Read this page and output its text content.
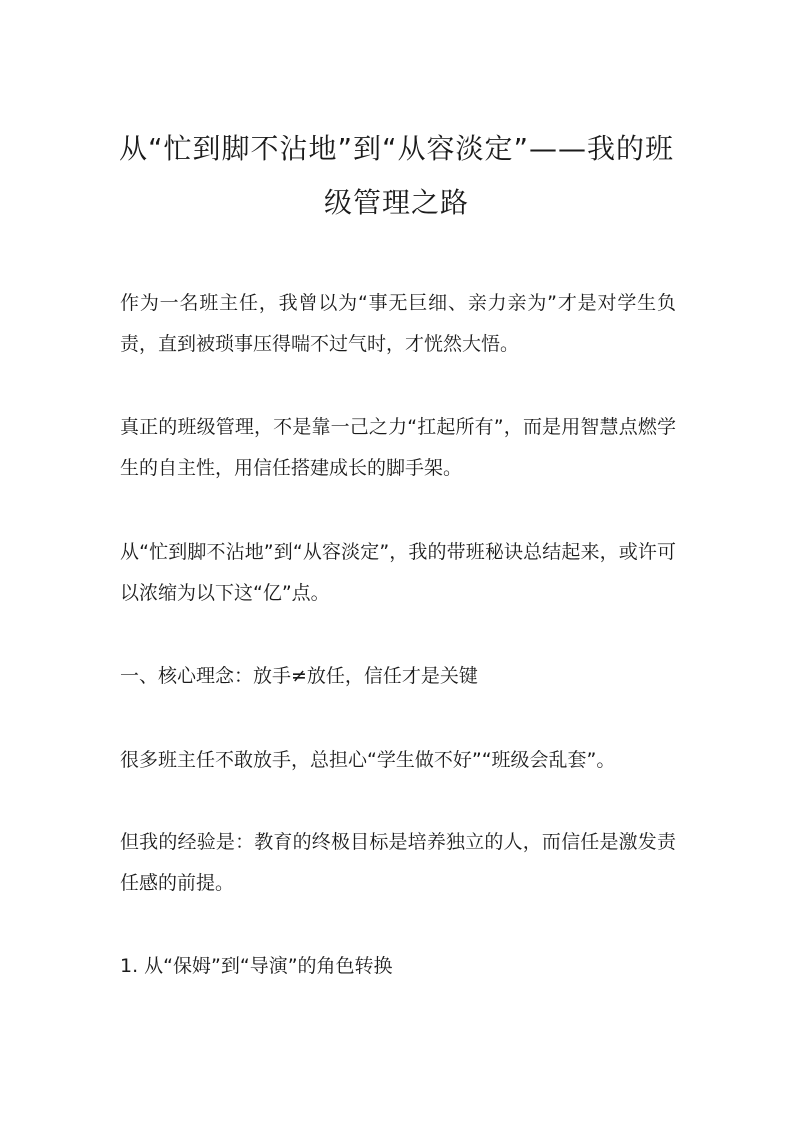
从“忙到脚不沾地”到“从容淡定”——我的班级管理之路

作为一名班主任，我曾以为“事无巨细、亲力亲为”才是对学生负责，直到被琐事压得喘不过气时，才恍然大悟。

真正的班级管理，不是靠一己之力“扛起所有”，而是用智慧点燃学生的自主性，用信任搭建成长的脚手架。

从“忙到脚不沾地”到“从容淡定”，我的带班秘诀总结起来，或许可以浓缩为以下这“亿”点。

一、核心理念：放手≠放任，信任才是关键

很多班主任不敢放手，总担心“学生做不好”“班级会乱套”。

但我的经验是：教育的终极目标是培养独立的人，而信任是激发责任感的前提。

1. 从“保姆”到“导演”的角色转换
